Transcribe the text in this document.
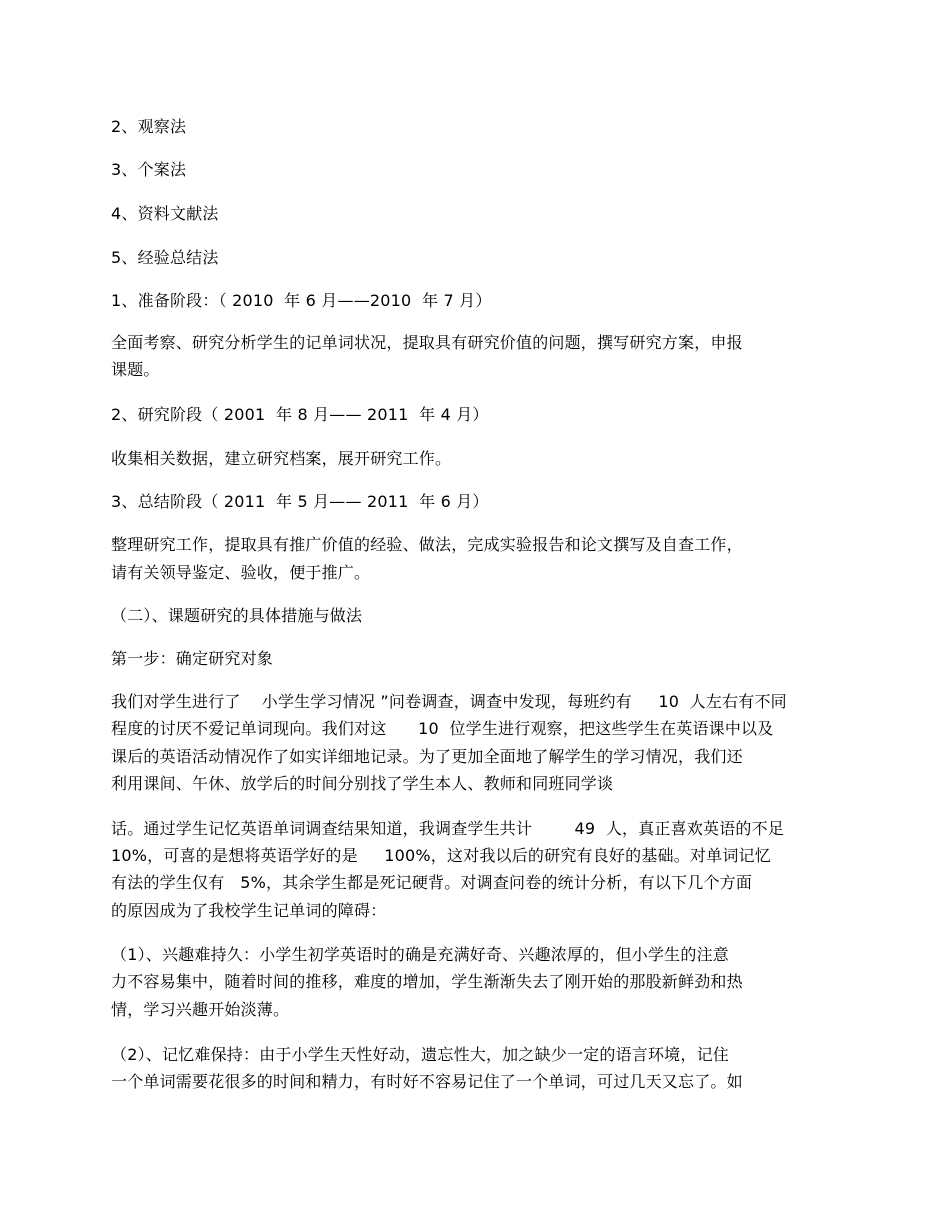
2、观察法
3、个案法
4、资料文献法
5、经验总结法
1、准备阶段：（ 2010  年 6 月——2010  年 7 月）
全面考察、研究分析学生的记单词状况，提取具有研究价值的问题，撰写研究方案，申报
课题。
2、研究阶段（ 2001  年 8 月—— 2011  年 4 月）
收集相关数据，建立研究档案，展开研究工作。
3、总结阶段（ 2011  年 5 月—— 2011  年 6 月）
整理研究工作，提取具有推广价值的经验、做法，完成实验报告和论文撰写及自查工作，
请有关领导鉴定、验收，便于推广。
（二）、课题研究的具体措施与做法
第一步：确定研究对象
我们对学生进行了    小学生学习情况 ”问卷调查，调查中发现，每班约有     10  人左右有不同
程度的讨厌不爱记单词现向。我们对这      10  位学生进行观察，把这些学生在英语课中以及
课后的英语活动情况作了如实详细地记录。为了更加全面地了解学生的学习情况，我们还
利用课间、午休、放学后的时间分别找了学生本人、教师和同班同学谈
话。通过学生记忆英语单词调查结果知道，我调查学生共计        49  人，真正喜欢英语的不足
10%，可喜的是想将英语学好的是     100%，这对我以后的研究有良好的基础。对单词记忆
有法的学生仅有   5%，其余学生都是死记硬背。对调查问卷的统计分析，有以下几个方面
的原因成为了我校学生记单词的障碍：
（1）、兴趣难持久：小学生初学英语时的确是充满好奇、兴趣浓厚的，但小学生的注意
力不容易集中，随着时间的推移，难度的增加，学生渐渐失去了刚开始的那股新鲜劲和热
情，学习兴趣开始淡薄。
（2）、记忆难保持：由于小学生天性好动，遗忘性大，加之缺少一定的语言环境，记住
一个单词需要花很多的时间和精力，有时好不容易记住了一个单词，可过几天又忘了。如
